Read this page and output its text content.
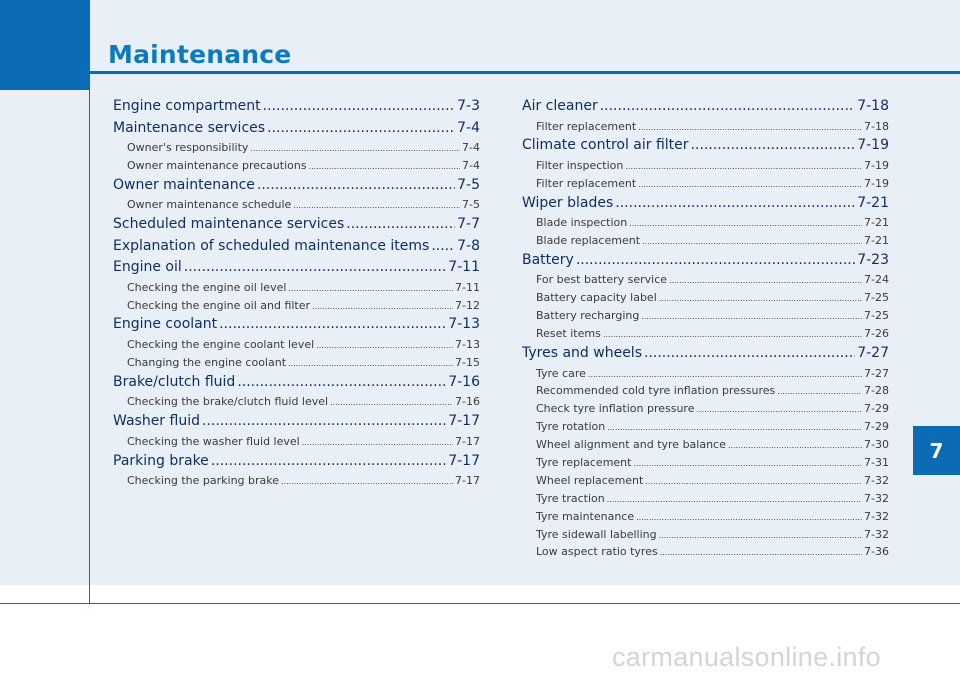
Maintenance
7
Engine compartment .....	7-3
Maintenance services .....	7-4
Owner's responsibility .....	7-4
Owner maintenance precautions .....	7-4
Owner maintenance .....	7-5
Owner maintenance schedule .....	7-5
Scheduled maintenance services .....	7-7
Explanation of scheduled maintenance items ..... 7-8
Engine oil .....	7-11
Checking the engine oil level .....	7-11
Checking the engine oil and filter .....	7-12
Engine coolant .....	7-13
Checking the engine coolant level .....	7-13
Changing the engine coolant .....	7-15
Brake/clutch fluid .....	7-16
Checking the brake/clutch fluid level .....	7-16
Washer fluid .....	7-17
Checking the washer fluid level .....	7-17
Parking brake .....	7-17
Checking the parking brake .....	7-17
Air cleaner .....	7-18
Filter replacement .....	7-18
Climate control air filter .....	7-19
Filter inspection .....	7-19
Filter replacement .....	7-19
Wiper blades .....	7-21
Blade inspection .....	7-21
Blade replacement .....	7-21
Battery .....	7-23
For best battery service .....	7-24
Battery capacity label .....	7-25
Battery recharging .....	7-25
Reset items .....	7-26
Tyres and wheels .....	7-27
Tyre care .....	7-27
Recommended cold tyre inflation pressures .....	7-28
Check tyre inflation pressure .....	7-29
Tyre rotation .....	7-29
Wheel alignment and tyre balance .....	7-30
Tyre replacement .....	7-31
Wheel replacement .....	7-32
Tyre traction .....	7-32
Tyre maintenance .....	7-32
Tyre sidewall labelling .....	7-32
Low aspect ratio tyres .....	7-36
carmanualsonline.info
